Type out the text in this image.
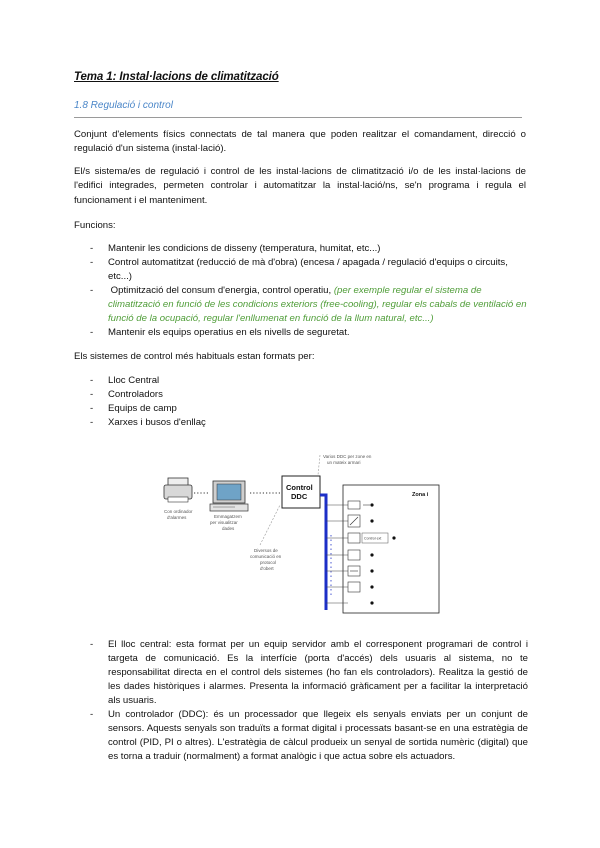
Tema 1: Instal·lacions de climatització
1.8 Regulació i control
Conjunt d'elements físics connectats de tal manera que poden realitzar el comandament, direcció o regulació d'un sistema (instal·lació).
El/s sistema/es de regulació i control de les instal·lacions de climatització i/o de les instal·lacions de l'edifici integrades, permeten controlar i automatitzar la instal·lació/ns, se'n programa i regula el funcionament i el manteniment.
Funcions:
- Mantenir les condicions de disseny (temperatura, humitat, etc...)
- Control automatitzat (reducció de mà d'obra) (encesa / apagada / regulació d'equips o circuits, etc...)
- Optimització del consum d'energia, control operatiu, (per exemple regular el sistema de climatització en funció de les condicions exteriors (free-cooling), regular els cabals de ventilació en funció de la ocupació, regular l'enllumenat en funció de la llum natural, etc...)
- Mantenir els equips operatius en els nivells de seguretat.
Els sistemes de control més habituals estan formats per:
- Lloc Central
- Controladors
- Equips de camp
- Xarxes i busos d'enllaç
Varios DDC per zone en
un mateix armari
Con ordinador
d'alarmes	Emmagatzem
per visualitzar
dades
Control DDC
Diversos de
comunicació en
protocol
d'obert
Zona i
Control ext
- El lloc central: esta format per un equip servidor amb el corresponent programari de control i targeta de comunicació. Es la interfície (porta d'accés) dels usuaris al sistema, no te responsabilitat directa en el control dels sistemes (ho fan els controladors). Realitza la gestió de les dades històriques i alarmes. Presenta la informació gràficament per a facilitar la interpretació als usuaris.
- Un controlador (DDC): és un processador que llegeix els senyals enviats per un conjunt de sensors. Aquests senyals son traduïts a format digital i processats basant-se en una estratègia de control (PID, PI o altres). L'estratègia de càlcul produeix un senyal de sortida numèric (digital) que es torna a traduir (normalment) a format analògic i que actua sobre els actuadors.
